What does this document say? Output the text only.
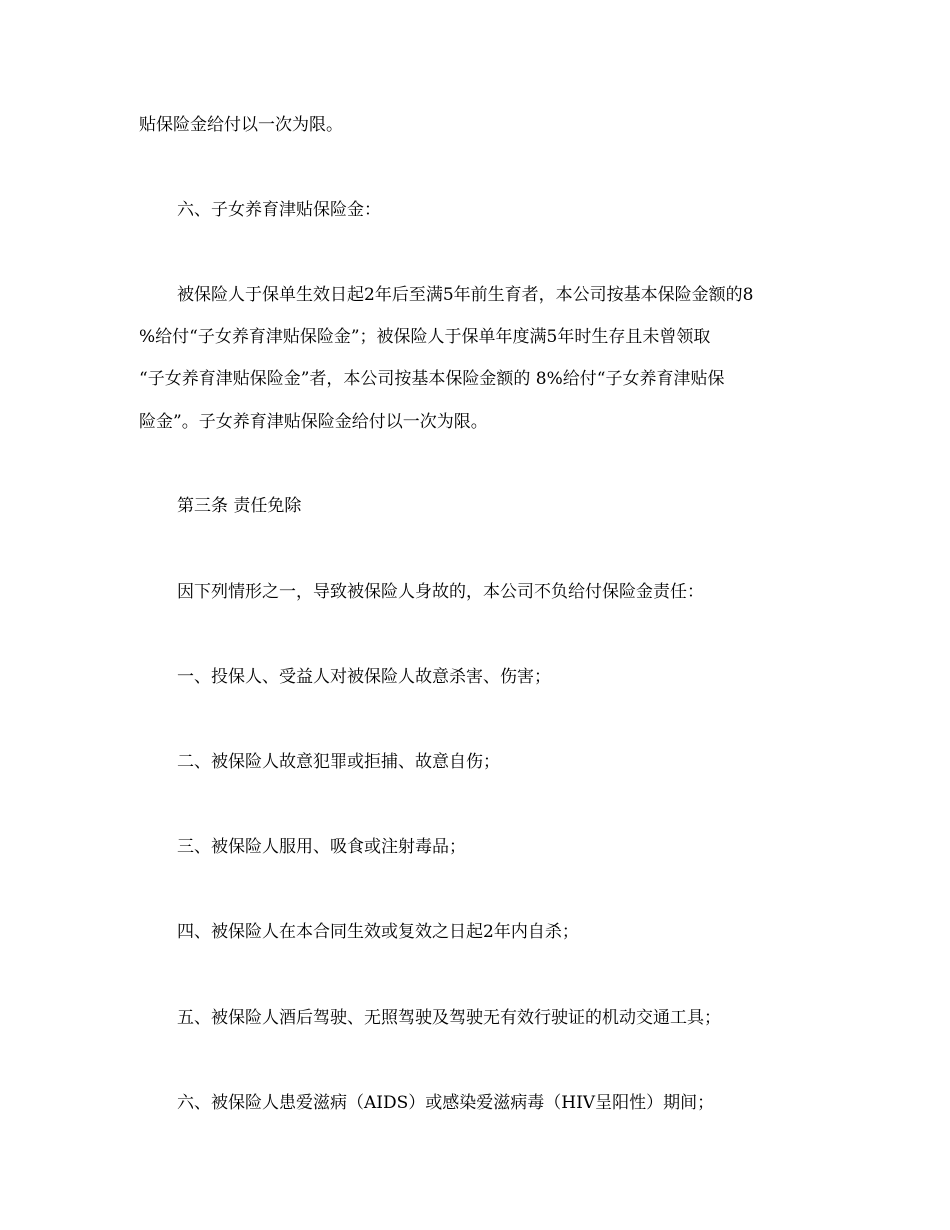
贴保险金给付以一次为限。
六、子女养育津贴保险金：
被保险人于保单生效日起2年后至满5年前生育者，本公司按基本保险金额的8
%给付“子女养育津贴保险金”；被保险人于保单年度满5年时生存且未曾领取
“子女养育津贴保险金”者，本公司按基本保险金额的 8%给付“子女养育津贴保
险金”。子女养育津贴保险金给付以一次为限。
第三条 责任免除
因下列情形之一，导致被保险人身故的，本公司不负给付保险金责任：
一、投保人、受益人对被保险人故意杀害、伤害；
二、被保险人故意犯罪或拒捕、故意自伤；
三、被保险人服用、吸食或注射毒品；
四、被保险人在本合同生效或复效之日起2年内自杀；
五、被保险人酒后驾驶、无照驾驶及驾驶无有效行驶证的机动交通工具；
六、被保险人患爱滋病（AIDS）或感染爱滋病毒（HIV呈阳性）期间；
